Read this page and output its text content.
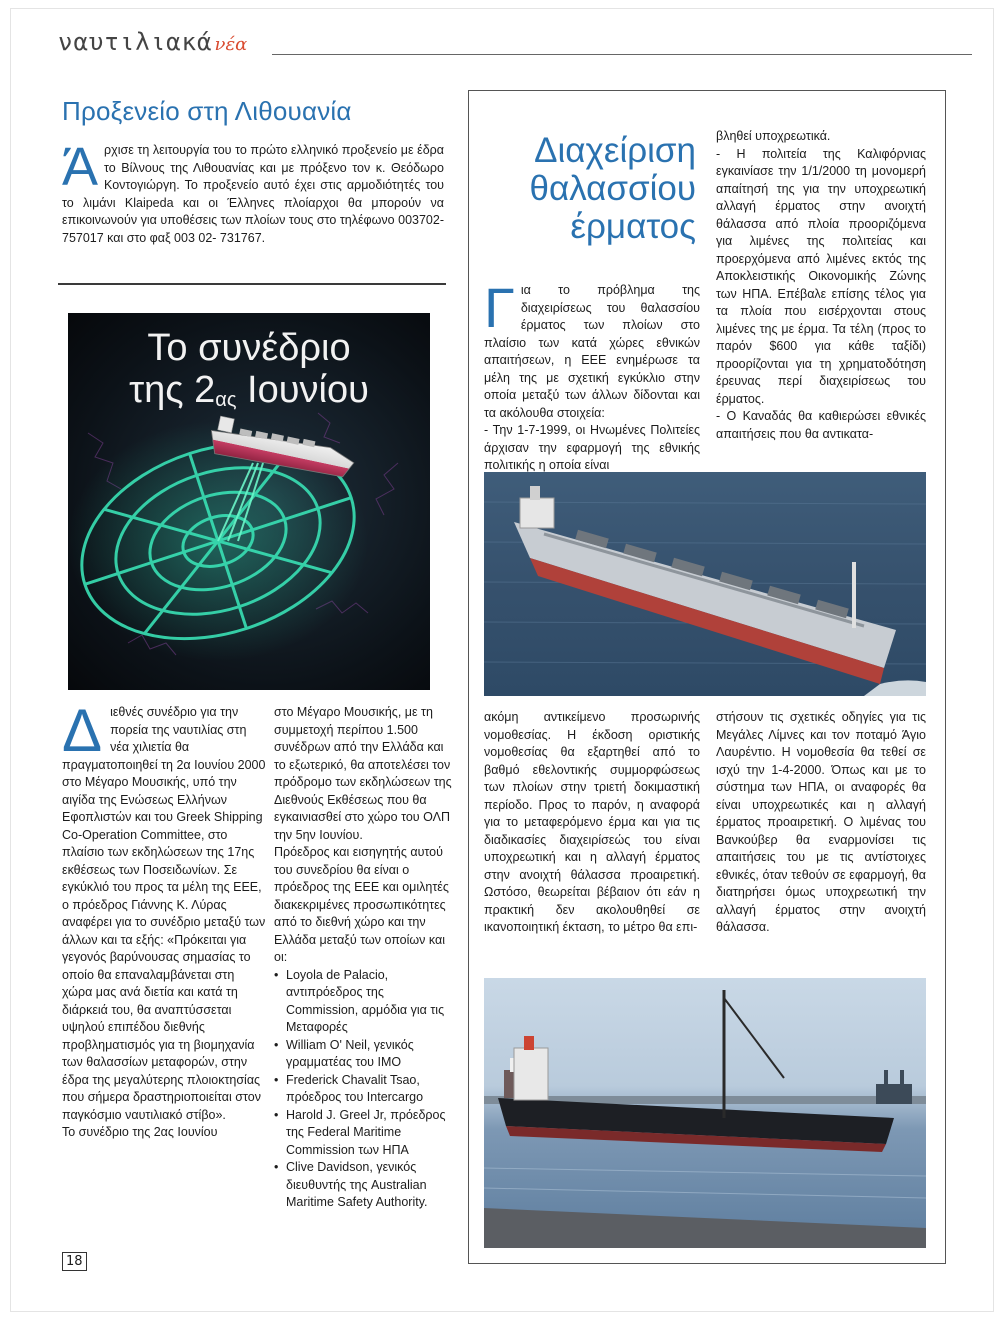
ναυτιλιακά νέα
Προξενείο στη Λιθουανία

Ά ρχισε τη λειτουργία του το πρώτο ελληνικό προξενείο με έδρα το Βίλνους της Λιθουανίας και με πρόξενο τον κ. Θεόδωρο Κοντογιώργη. Το προξενείο αυτό έχει στις αρμοδιότητές του το λιμάνι Klaipeda και οι Έλληνες πλοίαρχοι θα μπορούν να επικοινωνούν για υποθέσεις των πλοίων τους στο τηλέφωνο 003702-757017 και στο φαξ 003 02- 731767.

Το συνέδριο
της $2_{\alpha\varsigma}$ Ιουνίου

Δ ιεθνές συνέδριο για την πορεία της ναυτιλίας στη νέα χιλιετία θα πραγματοποιηθεί τη 2α Ιουνίου 2000 στο Μέγαρο Μουσικής, υπό την αιγίδα της Ενώσεως Ελλήνων Εφοπλιστών και του Greek Shipping Co-Operation Committee, στο πλαίσιο των εκδηλώσεων της 17ης εκθέσεως των Ποσειδωνίων. Σε εγκύκλιό του προς τα μέλη της ΕΕΕ, ο πρόεδρος Γιάννης Κ. Λύρας αναφέρει για το συνέδριο μεταξύ των άλλων και τα εξής: «Πρόκειται για γεγονός βαρύνουσας σημασίας το οποίο θα επαναλαμβάνεται στη χώρα μας ανά διετία και κατά τη διάρκειά του, θα αναπτύσσεται υψηλού επιπέδου διεθνής προβληματισμός για τη βιομηχανία των θαλασσίων μεταφορών, στην έδρα της μεγαλύτερης πλοιοκτησίας που σήμερα δραστηριοποιείται στον παγκόσμιο ναυτιλιακό στίβο».

Το συνέδριο της 2ας Ιουνίου

στο Μέγαρο Μουσικής, με τη συμμετοχή περίπου 1.500 συνέδρων από την Ελλάδα και το εξωτερικό, θα αποτελέσει τον πρόδρομο των εκδηλώσεων της Διεθνούς Εκθέσεως που θα εγκαινιασθεί στο χώρο του ΟΛΠ την 5ην Ιουνίου.

Πρόεδρος και εισηγητής αυτού του συνεδρίου θα είναι ο πρόεδρος της ΕΕΕ και ομιλητές διακεκριμένες προσωπικότητες από το διεθνή χώρο και την Ελλάδα μεταξύ των οποίων και οι:

• Loyola de Palacio, αντιπρόεδρος της Commission, αρμόδια για τις Μεταφορές
• William O' Neil, γενικός γραμματέας του IMO
• Frederick Chavalit Tsao, πρόεδρος του Intercargo
• Harold J. Greel Jr, πρόεδρος της Federal Maritime Commission των ΗΠΑ
• Clive Davidson, γενικός διευθυντής της Australian Maritime Safety Authority.
18
Διαχείριση
θαλασσίου
έρματος

Γ ια το πρόβλημα της διαχειρίσεως του θαλασσίου έρματος των πλοίων στο πλαίσιο των κατά χώρες εθνικών απαιτήσεων, η ΕΕΕ ενημέρωσε τα μέλη της με σχετική εγκύκλιο στην οποία μεταξύ των άλλων δίδονται και τα ακόλουθα στοιχεία:

- Την 1-7-1999, οι Ηνωμένες Πολιτείες άρχισαν την εφαρμογή της εθνικής πολιτικής η οποία είναι

βληθεί υποχρεωτικά.

- Η πολιτεία της Καλιφόρνιας εγκαινίασε την 1/1/2000 τη μονομερή απαίτησή της για την υποχρεωτική αλλαγή έρματος στην ανοιχτή θάλασσα από πλοία προοριζόμενα για λιμένες της πολιτείας και προερχόμενα από λιμένες εκτός της Αποκλειστικής Οικονομικής Ζώνης των ΗΠΑ. Επέβαλε επίσης τέλος για τα πλοία που εισέρχονται στους λιμένες της με έρμα. Τα τέλη (προς το παρόν $600 για κάθε ταξίδι) προορίζονται για τη χρηματοδότηση έρευνας περί διαχειρίσεως του έρματος.

- Ο Καναδάς θα καθιερώσει εθνικές απαιτήσεις που θα αντικατα-

ακόμη αντικείμενο προσωρινής νομοθεσίας. Η έκδοση οριστικής νομοθεσίας θα εξαρτηθεί από το βαθμό εθελοντικής συμμορφώσεως των πλοίων στην τριετή δοκιμαστική περίοδο. Προς το παρόν, η αναφορά για το μεταφερόμενο έρμα και για τις διαδικασίες διαχειρίσεώς του είναι υποχρεωτική και η αλλαγή έρματος στην ανοιχτή θάλασσα προαιρετική. Ωστόσο, θεωρείται βέβαιον ότι εάν η πρακτική δεν ακολουθηθεί σε ικανοποιητική έκταση, το μέτρο θα επι-

στήσουν τις σχετικές οδηγίες για τις Μεγάλες Λίμνες και τον ποταμό Άγιο Λαυρέντιο. Η νομοθεσία θα τεθεί σε ισχύ την 1-4-2000. Όπως και με το σύστημα των ΗΠΑ, οι αναφορές θα είναι υποχρεωτικές και η αλλαγή έρματος προαιρετική. Ο λιμένας του Βανκούβερ θα εναρμονίσει τις απαιτήσεις του με τις αντίστοιχες εθνικές, όταν τεθούν σε εφαρμογή, θα διατηρήσει όμως υποχρεωτική την αλλαγή έρματος στην ανοιχτή θάλασσα.
